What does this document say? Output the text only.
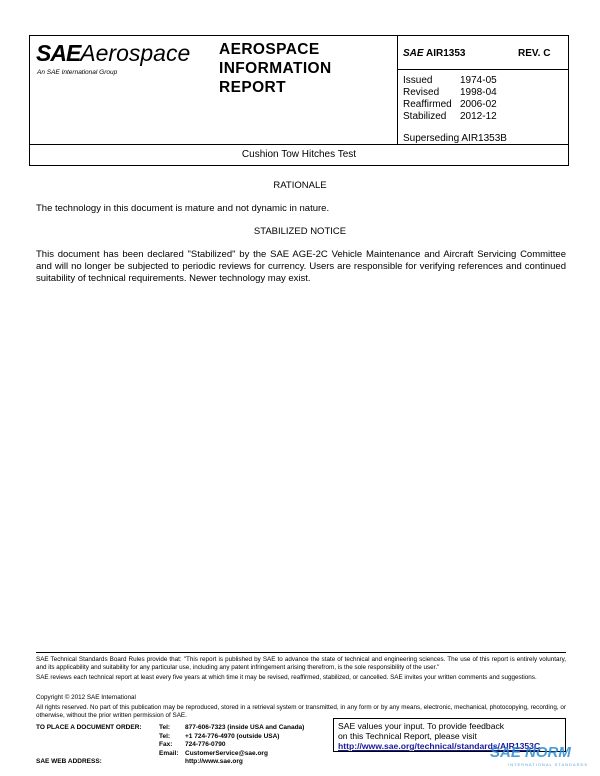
SAEAerospace
An SAE International Group
AEROSPACE
INFORMATION
REPORT
SAE AIR1353	REV. C
Issued	1974-05
Revised	1998-04
Reaffirmed 2006-02
Stabilized	2012-12
Superseding AIR1353B
Cushion Tow Hitches Test
RATIONALE
The technology in this document is mature and not dynamic in nature.
STABILIZED NOTICE
This document has been declared "Stabilized" by the SAE AGE-2C Vehicle Maintenance and Aircraft Servicing Committee and will no longer be subjected to periodic reviews for currency. Users are responsible for verifying references and continued suitability of technical requirements. Newer technology may exist.
SAE Technical Standards Board Rules provide that: "This report is published by SAE to advance the state of technical and engineering sciences. The use of this report is entirely voluntary, and its applicability and suitability for any particular use, including any patent infringement arising therefrom, is the sole responsibility of the user."
SAE reviews each technical report at least every five years at which time it may be revised, reaffirmed, stabilized, or cancelled. SAE invites your written comments and suggestions.
Copyright © 2012 SAE International
All rights reserved. No part of this publication may be reproduced, stored in a retrieval system or transmitted, in any form or by any means, electronic, mechanical, photocopying, recording, or otherwise, without the prior written permission of SAE.
TO PLACE A DOCUMENT ORDER:	Tel:	877-606-7323 (inside USA and Canada)
Tel:	+1 724-776-4970 (outside USA)
Fax:	724-776-0790
Email: CustomerService@sae.org
SAE WEB ADDRESS:	http://www.sae.org
SAE values your input. To provide feedback
on this Technical Report, please visit
http://www.sae.org/technical/standards/AIR1353C
SAE NORM
INTERNATIONAL STANDARDS
